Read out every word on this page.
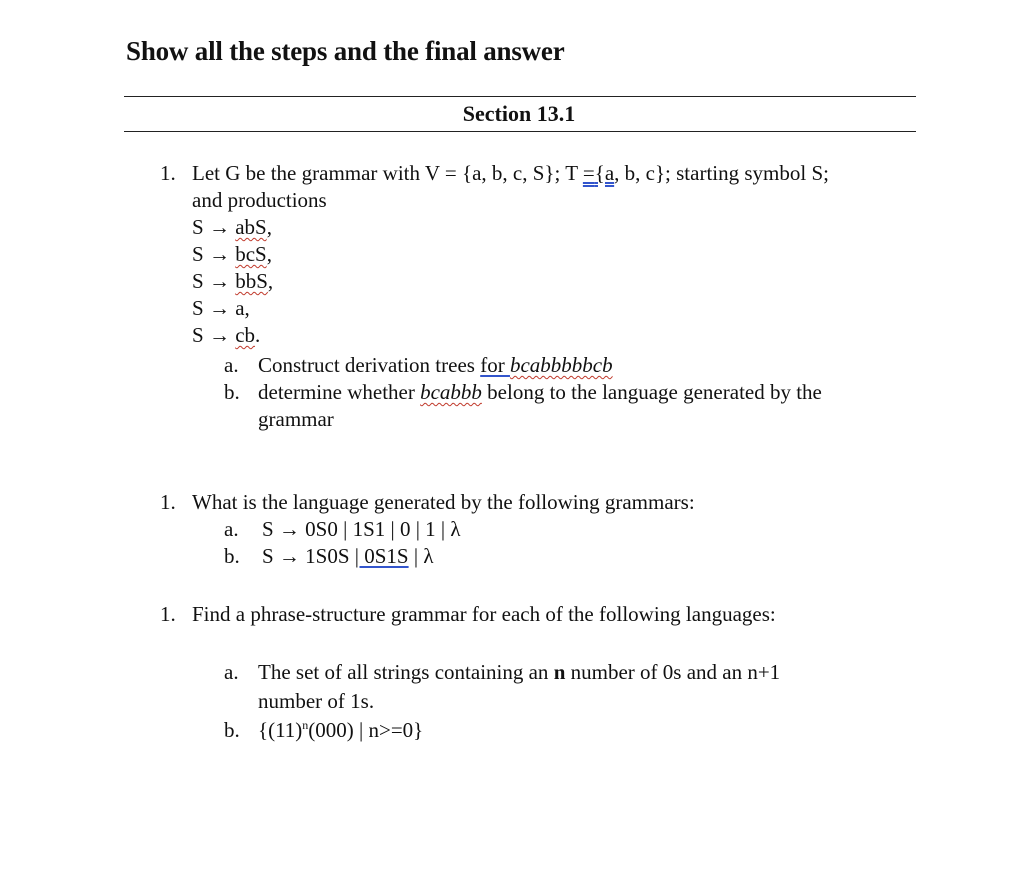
Show all the steps and the final answer
Section 13.1
1. Let G be the grammar with V = {a, b, c, S}; T ={a, b, c}; starting symbol S;
and productions
S → abS,
S → bcS,
S → bbS,
S → a,
S → cb.
a. Construct derivation trees for bcabbbbbcb
b. determine whether bcabbb belong to the language generated by the
grammar
1. What is the language generated by the following grammars:
a. S → 0S0 | 1S1 | 0 | 1 | λ
b. S → 1S0S | 0S1S | λ
1. Find a phrase-structure grammar for each of the following languages:
a. The set of all strings containing an n number of 0s and an n+1
number of 1s.
b. {$(11)^n(000)$ | n>=0}
